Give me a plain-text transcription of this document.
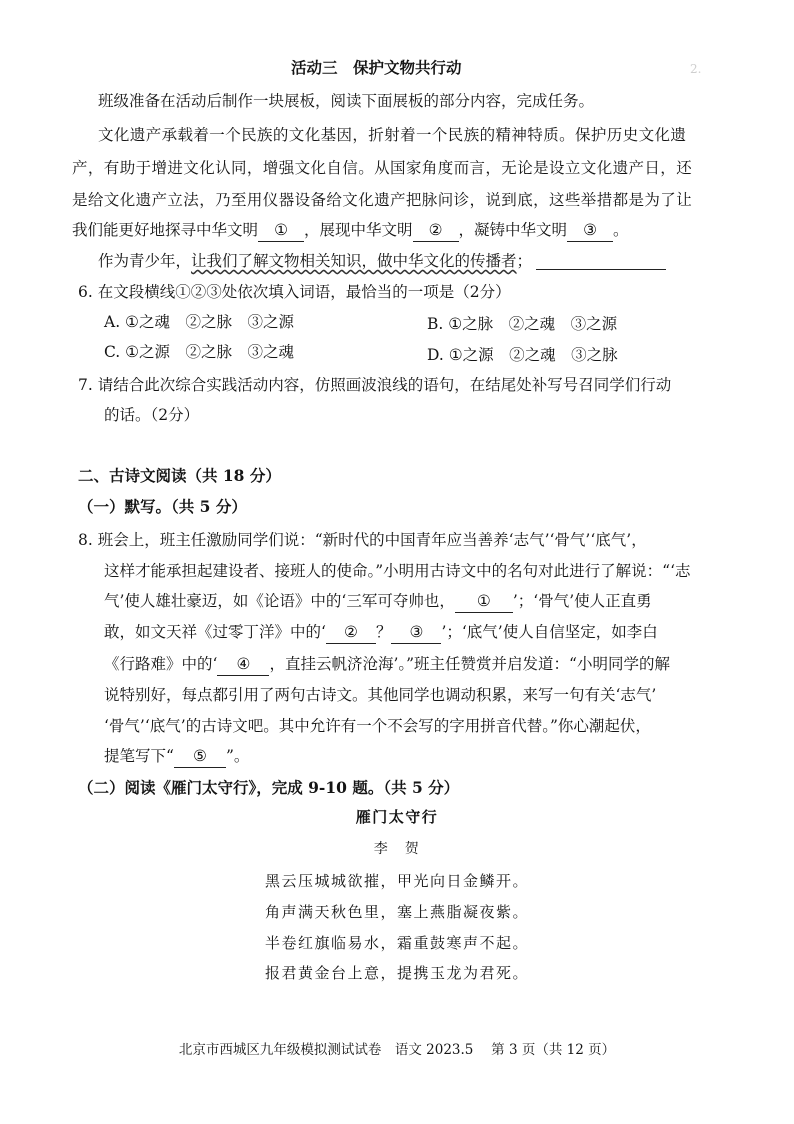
2.
活动三　保护文物共行动
班级准备在活动后制作一块展板，阅读下面展板的部分内容，完成任务。
文化遗产承载着一个民族的文化基因，折射着一个民族的精神特质。保护历史文化遗
产，有助于增进文化认同，增强文化自信。从国家角度而言，无论是设立文化遗产日，还
是给文化遗产立法，乃至用仪器设备给文化遗产把脉问诊，说到底，这些举措都是为了让
我们能更好地探寻中华文明 ① ，展现中华文明 ② ，凝铸中华文明 ③ 。
作为青少年，让我们了解文物相关知识，做中华文化的传播者；
6. 在文段横线①②③处依次填入词语，最恰当的一项是（2分）
A. ①之魂　②之脉　③之源	B. ①之脉　②之魂　③之源
C. ①之源　②之脉　③之魂	D. ①之源　②之魂　③之脉
7. 请结合此次综合实践活动内容，仿照画波浪线的语句，在结尾处补写号召同学们行动
的话。（2分）
二、古诗文阅读（共 18 分）
（一）默写。（共 5 分）
8. 班会上，班主任激励同学们说：“新时代的中国青年应当善养‘志气’‘骨气’‘底气’，
这样才能承担起建设者、接班人的使命。”小明用古诗文中的名句对此进行了解说：“‘志
气’使人雄壮豪迈，如《论语》中的‘三军可夺帅也， ① ’；‘骨气’使人正直勇
敢，如文天祥《过零丁洋》中的‘ ② ？ ③ ’；‘底气’使人自信坚定，如李白
《行路难》中的‘ ④ ，直挂云帆济沧海’。”班主任赞赏并启发道：“小明同学的解
说特别好，每点都引用了两句古诗文。其他同学也调动积累，来写一句有关‘志气’
‘骨气’‘底气’的古诗文吧。其中允许有一个不会写的字用拼音代替。”你心潮起伏，
提笔写下“ ⑤ ”。
（二）阅读《雁门太守行》，完成 9-10 题。（共 5 分）
雁门太守行
李　贺
黑云压城城欲摧，甲光向日金鳞开。
角声满天秋色里，塞上燕脂凝夜紫。
半卷红旗临易水，霜重鼓寒声不起。
报君黄金台上意，提携玉龙为君死。
北京市西城区九年级模拟测试试卷　语文 2023.5　 第 3 页（共 12 页）
